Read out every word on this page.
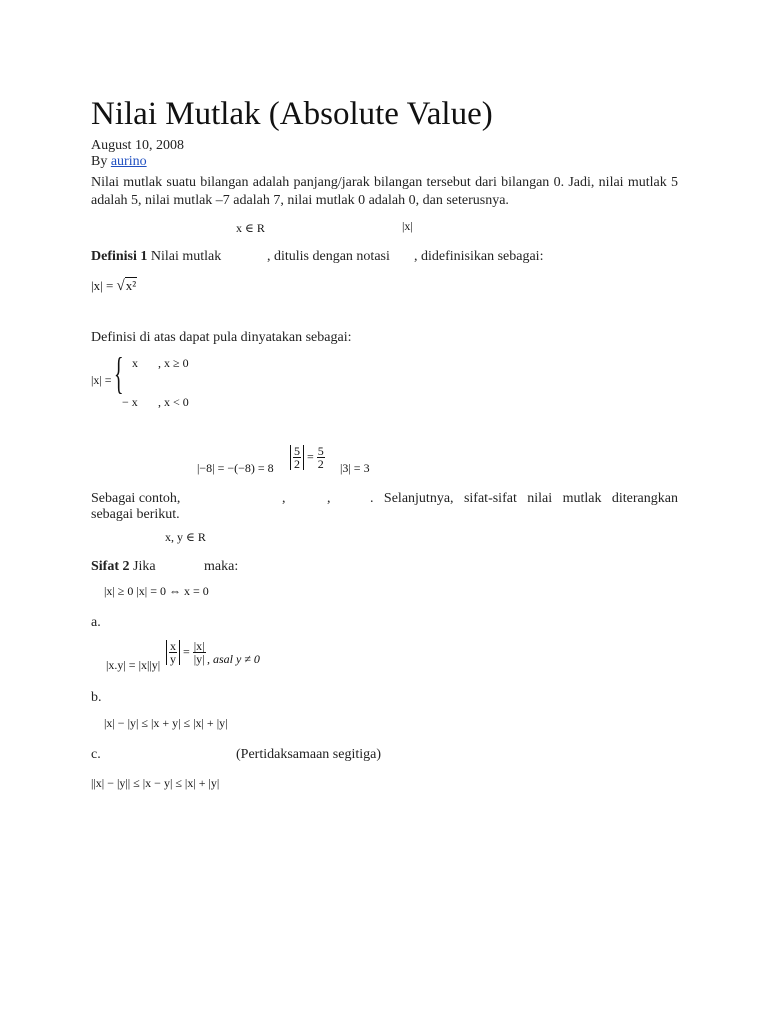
Nilai Mutlak (Absolute Value)
August 10, 2008
By aurino

Nilai mutlak suatu bilangan adalah panjang/jarak bilangan tersebut dari bilangan 0. Jadi, nilai mutlak 5 adalah 5, nilai mutlak –7 adalah 7, nilai mutlak 0 adalah 0, dan seterusnya.

x ∈ R	|x|
Definisi 1 Nilai mutlak	, ditulis dengan notasi , didefinisikan sebagai:
|x| = √x²
Definisi di atas dapat pula dinyatakan sebagai:
|x| = { x , x ≥ 0
− x , x < 0
$|-8| = -(-8) = 8 \frac{5}{2} = \frac{5}{2} |3| = 3$
Sebagai contoh,	,	,	. Selanjutnya, sifat-sifat nilai mutlak diterangkan
sebagai berikut.
x, y ∈ R
Sifat 2 Jika	maka:
|x| ≥ 0 |x| = 0 ⇔ x = 0
a.
$|x.y| = |x||y| \frac{x}{y} = \frac{|x|}{|y|}$ , asal y ≠ 0
b.
|x| − |y| ≤ |x + y| ≤ |x| + |y|
c.	(Pertidaksamaan segitiga)
||x| − |y|| ≤ |x − y| ≤ |x| + |y|
